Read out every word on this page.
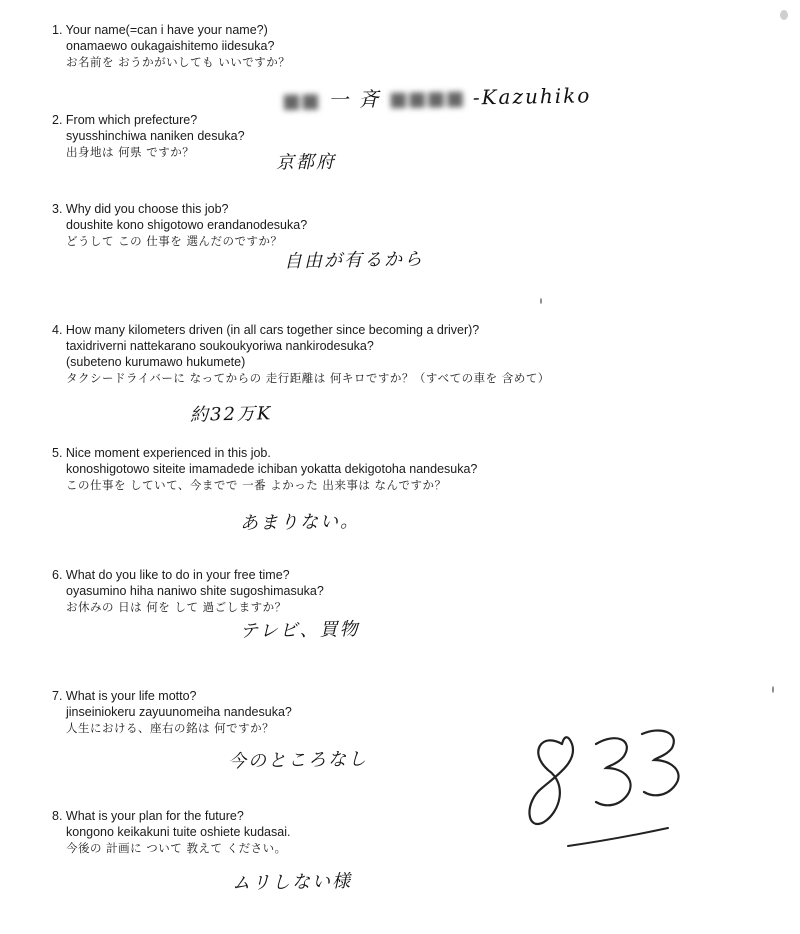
1. Your name(=can i have your name?)
onamaewo oukagaishitemo iidesuka?
お名前を おうかがいしても いいですか？
■■ 一 斉 ■■■■ -Kazuhiko
2. From which prefecture?
syusshinchiwa naniken desuka?
出身地は 何県 ですか？	京都府
3. Why did you choose this job?
doushite kono shigotowo erandanodesuka?
どうして この 仕事を 選んだのですか？
自由が有るから
4. How many kilometers driven (in all cars together since becoming a driver)?
taxidriverni nattekarano soukoukyoriwa nankirodesuka?
(subeteno kurumawo hukumete)
タクシードライバーに なってからの 走行距離は 何キロですか？（すべての車を 含めて）
約32万K
5. Nice moment experienced in this job.
konoshigotowo siteite imamadede ichiban yokatta dekigotoha nandesuka?
この仕事を していて、今までで 一番 よかった 出来事は なんですか？
あまりない。
6. What do you like to do in your free time?
oyasumino hiha naniwo shite sugoshimasuka?
お休みの 日は 何を して 過ごしますか？
テレビ、買物
7. What is your life motto?
jinseiniokeru zayuunomeiha nandesuka?
人生における、座右の銘は 何ですか？
今のところなし
8. What is your plan for the future?
kongono keikakuni tuite oshiete kudasai.
今後の 計画に ついて 教えて ください。
ムリしない様
